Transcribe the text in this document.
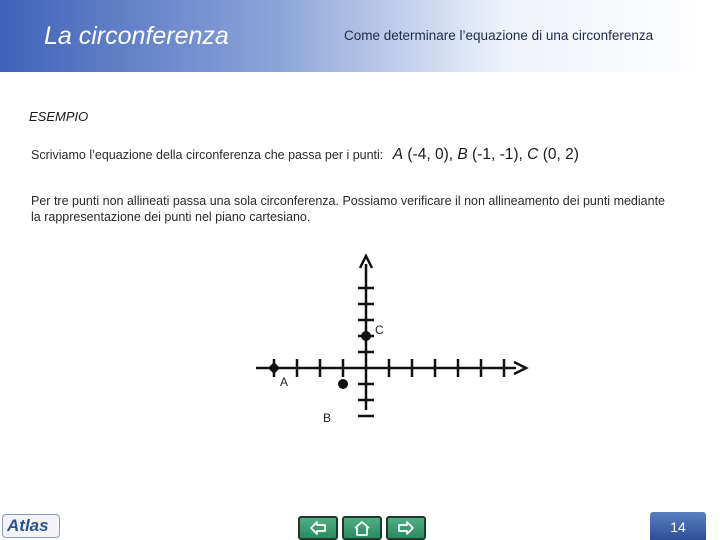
La circonferenza	Come determinare l’equazione di una circonferenza
ESEMPIO
Scriviamo l’equazione della circonferenza che passa per i punti: A (-4, 0), B (-1, -1), C (0, 2)
Per tre punti non allineati passa una sola circonferenza. Possiamo verificare il non allineamento dei punti mediante la rappresentazione dei punti nel piano cartesiano.
A
B
C
Atlas	14
